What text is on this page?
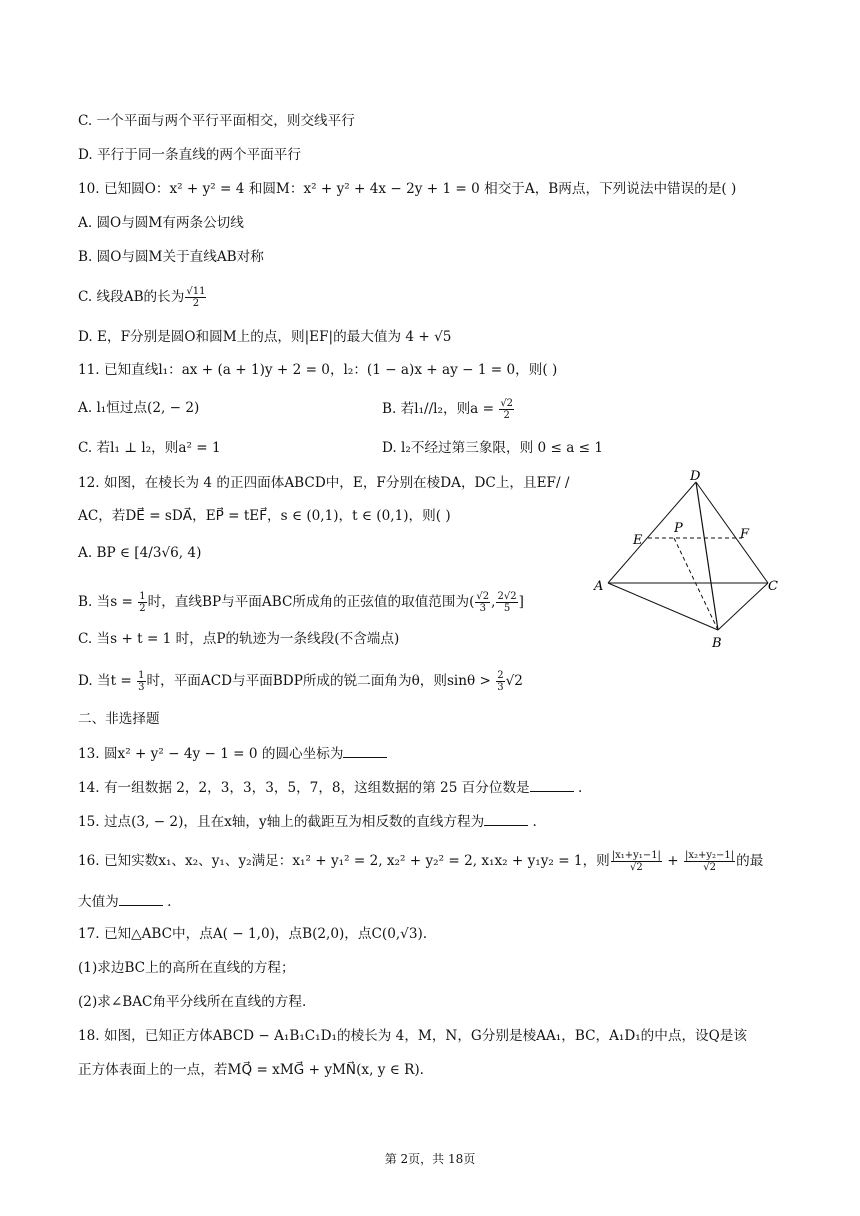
C. 一个平面与两个平行平面相交，则交线平行
D. 平行于同一条直线的两个平面平行
10. 已知圆O：x² + y² = 4 和圆M：x² + y² + 4x − 2y + 1 = 0 相交于A，B两点，下列说法中错误的是( )
A. 圆O与圆M有两条公切线
B. 圆O与圆M关于直线AB对称
C. 线段AB的长为 $\frac{√11}{2}$
D. E，F分别是圆O和圆M上的点，则|EF|的最大值为 4 + √5
11. 已知直线l₁：ax + (a + 1)y + 2 = 0，l₂：(1 − a)x + ay − 1 = 0，则( )
A. l₁恒过点(2, − 2)	B. 若l₁//l₂，则$a = \frac{√2}{2}$
C. 若l₁ ⊥ l₂，则a² = 1	D. l₂不经过第三象限，则 0 ≤ a ≤ 1
12. 如图，在棱长为 4 的正四面体ABCD中，E，F分别在棱DA，DC上，且EF/ /
AC，若DE⃗ = sDA⃗，EP⃗ = tEF⃗，s ∈ (0,1)，t ∈ (0,1)，则( )
A. BP ∈ [4/3√6, 4)
B. 当$s = \frac{1}{2}$ 时，直线BP与平面ABC所成角的正弦值的取值范围为( $\frac{√2}{3}$ , $\frac{2√2}{5}$ ]
C. 当s + t = 1 时，点P的轨迹为一条线段(不含端点)
D. 当$t = \frac{1}{3}$ 时，平面ACD与平面BDP所成的锐二面角为θ，则$\sin\theta > \frac{2}{3} √2$
二、非选择题
13. 圆x² + y² − 4y − 1 = 0 的圆心坐标为
14. 有一组数据 2，2，3，3，3，5，7，8，这组数据的第 25 百分位数是	.
15. 过点(3, − 2)，且在x轴，y轴上的截距互为相反数的直线方程为	.
16. 已知实数x₁、x₂、y₁、y₂满足：x₁² + y₁² = 2, x₂² + y₂² = 2, x₁x₂ + y₁y₂ = 1，则 $\frac{\text{|x₁+y₁−1|}}{√2} + \frac{\text{|x₂+y₂−1|}}{√2}$ 的最
大值为	.
17. 已知△ABC中，点A( − 1,0)，点B(2,0)，点C(0,√3).
(1)求边BC上的高所在直线的方程；
(2)求∠BAC角平分线所在直线的方程.
18. 如图，已知正方体ABCD − A₁B₁C₁D₁的棱长为 4，M，N，G分别是棱AA₁，BC，A₁D₁的中点，设Q是该
正方体表面上的一点，若MQ⃗ = xMG⃗ + yMN⃗(x, y ∈ R).
D
P
E	F
A	C
B
第 2页，共 18页
